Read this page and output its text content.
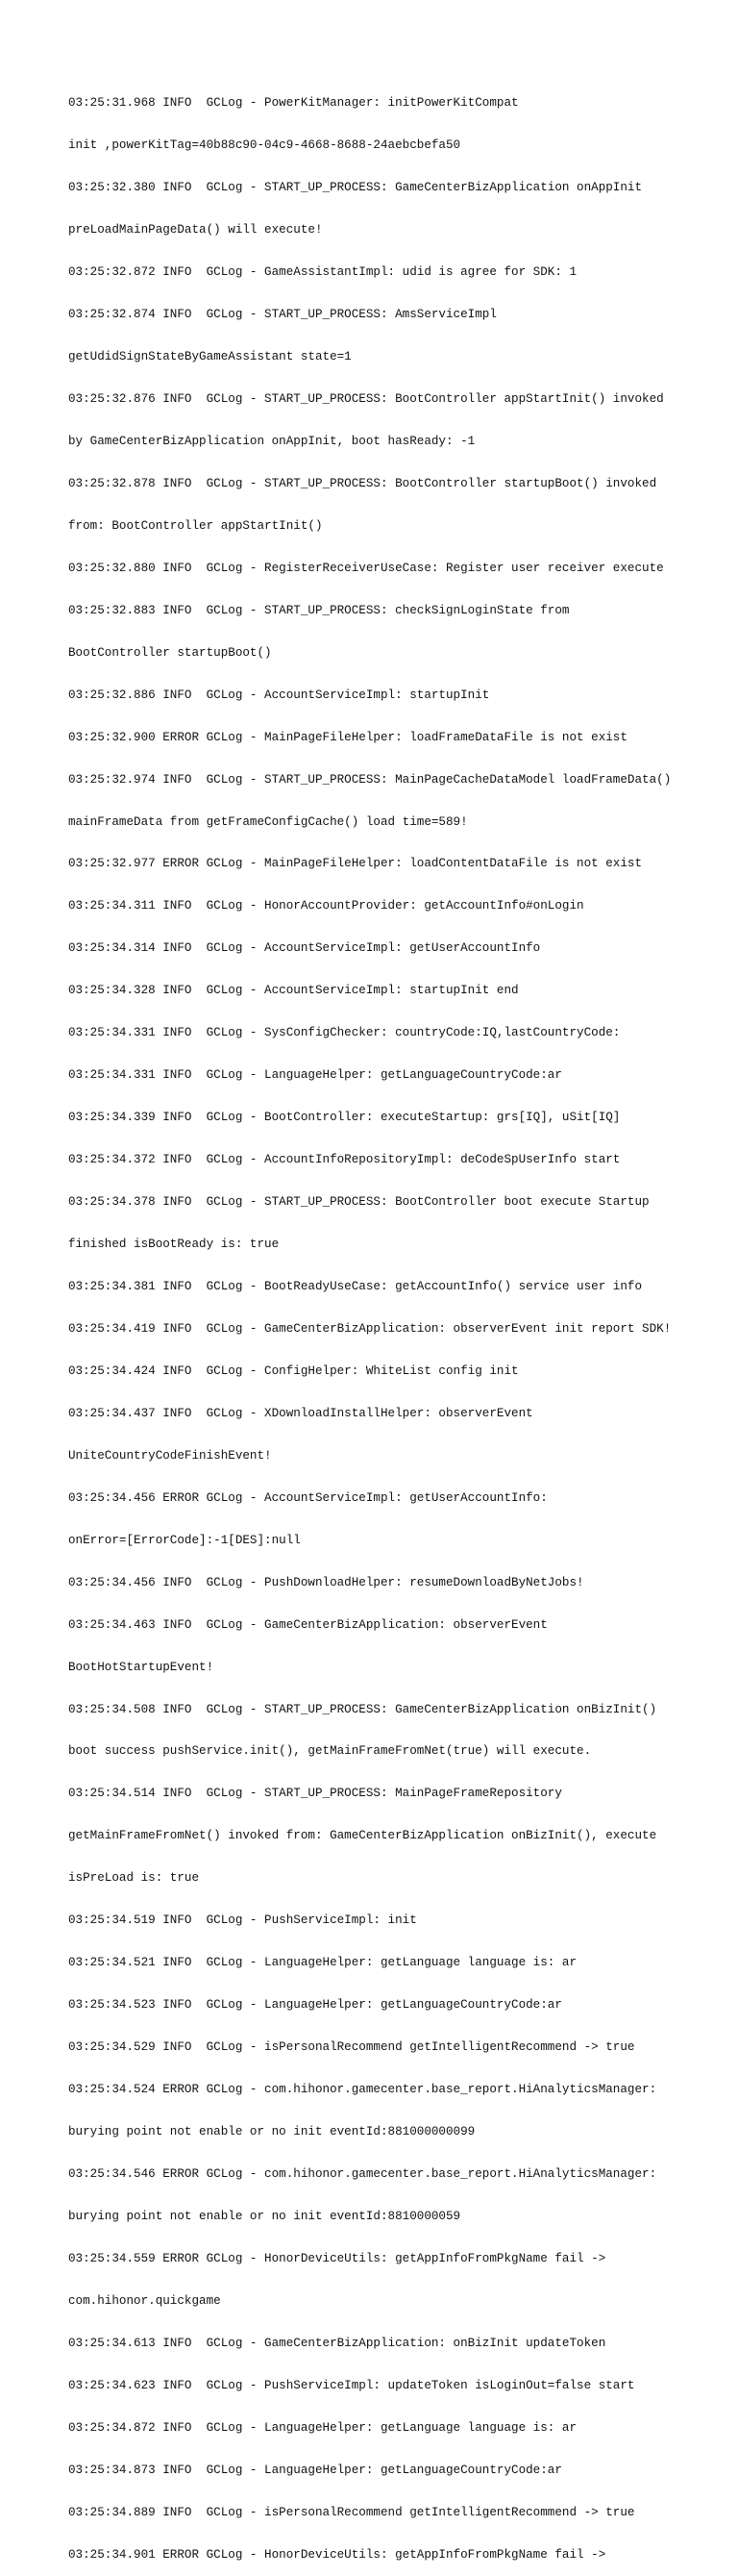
03:25:31.968 INFO  GCLog - PowerKitManager: initPowerKitCompat

init ,powerKitTag=40b88c90-04c9-4668-8688-24aebcbefa50

03:25:32.380 INFO  GCLog - START_UP_PROCESS: GameCenterBizApplication onAppInit

preLoadMainPageData() will execute!

03:25:32.872 INFO  GCLog - GameAssistantImpl: udid is agree for SDK: 1

03:25:32.874 INFO  GCLog - START_UP_PROCESS: AmsServiceImpl

getUdidSignStateByGameAssistant state=1

03:25:32.876 INFO  GCLog - START_UP_PROCESS: BootController appStartInit() invoked

by GameCenterBizApplication onAppInit, boot hasReady: -1

03:25:32.878 INFO  GCLog - START_UP_PROCESS: BootController startupBoot() invoked

from: BootController appStartInit()

03:25:32.880 INFO  GCLog - RegisterReceiverUseCase: Register user receiver execute

03:25:32.883 INFO  GCLog - START_UP_PROCESS: checkSignLoginState from

BootController startupBoot()

03:25:32.886 INFO  GCLog - AccountServiceImpl: startupInit

03:25:32.900 ERROR GCLog - MainPageFileHelper: loadFrameDataFile is not exist

03:25:32.974 INFO  GCLog - START_UP_PROCESS: MainPageCacheDataModel loadFrameData()

mainFrameData from getFrameConfigCache() load time=589!

03:25:32.977 ERROR GCLog - MainPageFileHelper: loadContentDataFile is not exist

03:25:34.311 INFO  GCLog - HonorAccountProvider: getAccountInfo#onLogin

03:25:34.314 INFO  GCLog - AccountServiceImpl: getUserAccountInfo

03:25:34.328 INFO  GCLog - AccountServiceImpl: startupInit end

03:25:34.331 INFO  GCLog - SysConfigChecker: countryCode:IQ,lastCountryCode:

03:25:34.331 INFO  GCLog - LanguageHelper: getLanguageCountryCode:ar

03:25:34.339 INFO  GCLog - BootController: executeStartup: grs[IQ], uSit[IQ]

03:25:34.372 INFO  GCLog - AccountInfoRepositoryImpl: deCodeSpUserInfo start

03:25:34.378 INFO  GCLog - START_UP_PROCESS: BootController boot execute Startup

finished isBootReady is: true

03:25:34.381 INFO  GCLog - BootReadyUseCase: getAccountInfo() service user info

03:25:34.419 INFO  GCLog - GameCenterBizApplication: observerEvent init report SDK!

03:25:34.424 INFO  GCLog - ConfigHelper: WhiteList config init

03:25:34.437 INFO  GCLog - XDownloadInstallHelper: observerEvent

UniteCountryCodeFinishEvent!

03:25:34.456 ERROR GCLog - AccountServiceImpl: getUserAccountInfo:

onError=[ErrorCode]:-1[DES]:null

03:25:34.456 INFO  GCLog - PushDownloadHelper: resumeDownloadByNetJobs!

03:25:34.463 INFO  GCLog - GameCenterBizApplication: observerEvent

BootHotStartupEvent!

03:25:34.508 INFO  GCLog - START_UP_PROCESS: GameCenterBizApplication onBizInit()

boot success pushService.init(), getMainFrameFromNet(true) will execute.

03:25:34.514 INFO  GCLog - START_UP_PROCESS: MainPageFrameRepository

getMainFrameFromNet() invoked from: GameCenterBizApplication onBizInit(), execute

isPreLoad is: true

03:25:34.519 INFO  GCLog - PushServiceImpl: init

03:25:34.521 INFO  GCLog - LanguageHelper: getLanguage language is: ar

03:25:34.523 INFO  GCLog - LanguageHelper: getLanguageCountryCode:ar

03:25:34.529 INFO  GCLog - isPersonalRecommend getIntelligentRecommend -> true

03:25:34.524 ERROR GCLog - com.hihonor.gamecenter.base_report.HiAnalyticsManager:

burying point not enable or no init eventId:881000000099

03:25:34.546 ERROR GCLog - com.hihonor.gamecenter.base_report.HiAnalyticsManager:

burying point not enable or no init eventId:8810000059

03:25:34.559 ERROR GCLog - HonorDeviceUtils: getAppInfoFromPkgName fail ->

com.hihonor.quickgame

03:25:34.613 INFO  GCLog - GameCenterBizApplication: onBizInit updateToken

03:25:34.623 INFO  GCLog - PushServiceImpl: updateToken isLoginOut=false start

03:25:34.872 INFO  GCLog - LanguageHelper: getLanguage language is: ar

03:25:34.873 INFO  GCLog - LanguageHelper: getLanguageCountryCode:ar

03:25:34.889 INFO  GCLog - isPersonalRecommend getIntelligentRecommend -> true

03:25:34.901 ERROR GCLog - HonorDeviceUtils: getAppInfoFromPkgName fail ->
